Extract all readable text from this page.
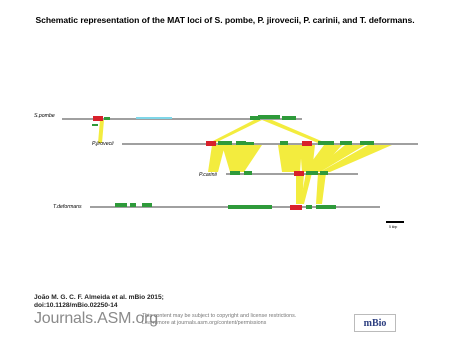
Schematic representation of the MAT loci of S. pombe, P. jirovecii, P. carinii, and T. deformans.
S.pombe
P.jirovecii
P.carinii
T.deformans
5 kbp
João M. G. C. F. Almeida et al. mBio 2015;
doi:10.1128/mBio.02250-14
Journals.ASM.org
This content may be subject to copyright and license restrictions.
Learn more at journals.asm.org/content/permissions	mBio
